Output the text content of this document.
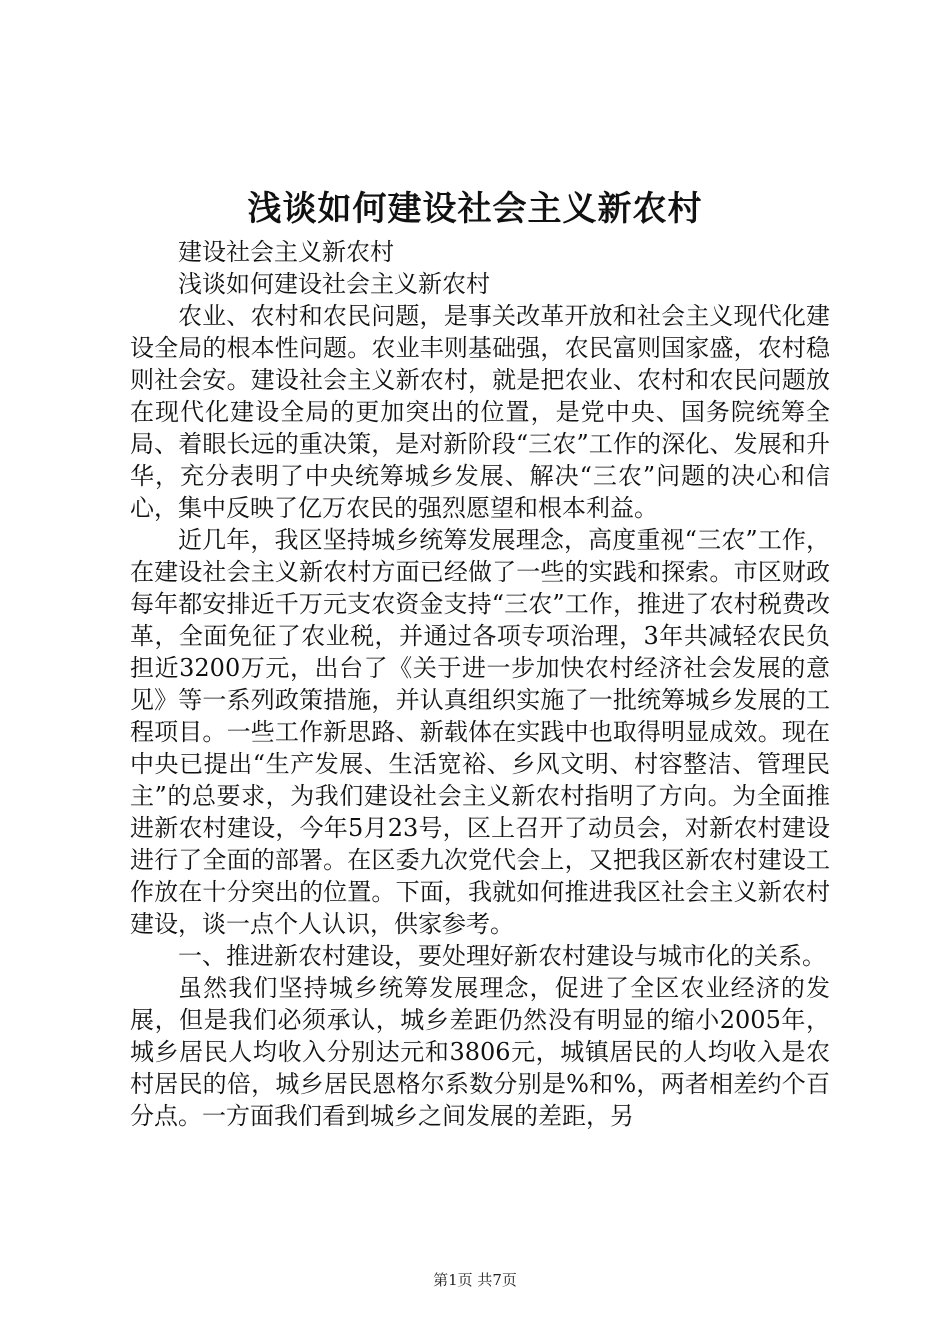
浅谈如何建设社会主义新农村

建设社会主义新农村

浅谈如何建设社会主义新农村

农业、农村和农民问题，是事关改革开放和社会主义现代化建设全局的根本性问题。农业丰则基础强，农民富则国家盛，农村稳则社会安。建设社会主义新农村，就是把农业、农村和农民问题放在现代化建设全局的更加突出的位置，是党中央、国务院统筹全局、着眼长远的重决策，是对新阶段“三农”工作的深化、发展和升华，充分表明了中央统筹城乡发展、解决“三农”问题的决心和信心，集中反映了亿万农民的强烈愿望和根本利益。

近几年，我区坚持城乡统筹发展理念，高度重视“三农”工作，在建设社会主义新农村方面已经做了一些的实践和探索。市区财政每年都安排近千万元支农资金支持“三农”工作，推进了农村税费改革，全面免征了农业税，并通过各项专项治理，3年共减轻农民负担近3200万元，出台了《关于进一步加快农村经济社会发展的意见》等一系列政策措施，并认真组织实施了一批统筹城乡发展的工程项目。一些工作新思路、新载体在实践中也取得明显成效。现在中央已提出“生产发展、生活宽裕、乡风文明、村容整洁、管理民主”的总要求，为我们建设社会主义新农村指明了方向。为全面推进新农村建设，今年5月23号，区上召开了动员会，对新农村建设进行了全面的部署。在区委九次党代会上，又把我区新农村建设工作放在十分突出的位置。下面，我就如何推进我区社会主义新农村建设，谈一点个人认识，供家参考。

一、推进新农村建设，要处理好新农村建设与城市化的关系。

虽然我们坚持城乡统筹发展理念，促进了全区农业经济的发展，但是我们必须承认，城乡差距仍然没有明显的缩小2005年，城乡居民人均收入分别达元和3806元，城镇居民的人均收入是农村居民的倍，城乡居民恩格尔系数分别是%和%，两者相差约个百分点。一方面我们看到城乡之间发展的差距，另

第1页 共7页
